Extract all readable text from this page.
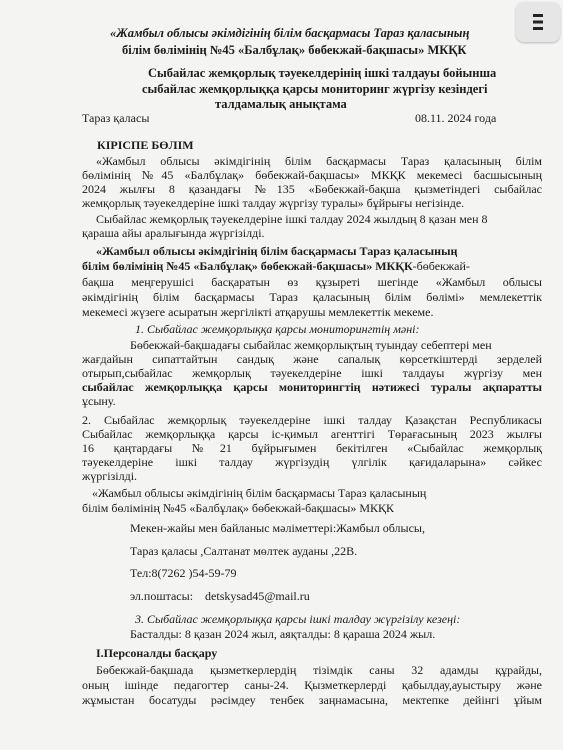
«Жамбыл облысы әкімдігінің білім басқармасы Тараз қаласының
білім бөлімінің №45 «Балбұлақ» бөбекжай-бақшасы» МКҚК
Сыбайлас жемқорлық тәуекелдерінің ішкі талдауы бойынша
сыбайлас жемқорлыққа қарсы мониторинг жүргізу кезіндегі
талдамалық анықтама
Тараз қаласы	08.11. 2024 года
КІРІСПЕ БӨЛІМ
«Жамбыл облысы әкімдігінің білім басқармасы Тараз қаласының білім
бөлімінің №45 «Балбұлақ» бөбекжай-бақшасы» МКҚК мекемесі басшысының
2024 жылғы 8 қазандағы №135 «Бөбекжай-бақша қызметіндегі сыбайлас
жемқорлық тәуекелдеріне ішкі талдау жүргізу туралы» бұйрығы негізінде.
Сыбайлас жемқорлық тәуекелдеріне ішкі талдау 2024 жылдың 8 қазан мен 8
қараша айы аралығында жүргізілді.
«Жамбыл облысы әкімдігінің білім басқармасы Тараз қаласының
білім бөлімінің №45 «Балбұлақ» бөбекжай-бақшасы» МКҚК-бөбекжай-
бақша меңгерушісі басқаратын өз құзыреті шегінде «Жамбыл облысы
әкімдігінің білім басқармасы Тараз қаласының білім бөлімі» мемлекеттік
мекемесі жүзеге асыратын жергілікті атқарушы мемлекеттік мекеме.
1. Сыбайлас жемқорлыққа қарсы мониторингтің мәні:
Бөбекжай-бақшадағы сыбайлас жемқорлықтың туындау себептері мен
жағдайын сипаттайтын сандық және сапалық көрсеткіштерді зерделей
отырып,сыбайлас жемқорлық тәуекелдеріне ішкі талдауы жүргізу мен
сыбайлас жемқорлыққа қарсы мониторингтің нәтижесі туралы ақпаратты
ұсыну.
2. Сыбайлас жемқорлық тәуекелдеріне ішкі талдау Қазақстан Республикасы
Сыбайлас жемқорлыққа қарсы іс-қимыл агенттігі Төрағасының 2023 жылғы
16 қаңтардағы №21 бұйрығымен бекітілген «Сыбайлас жемқорлық
тәуекелдеріне ішкі талдау жүргізудің үлгілік қағидаларына» сәйкес
жүргізілді.
«Жамбыл облысы әкімдігінің білім басқармасы Тараз қаласының
білім бөлімінің №45 «Балбұлақ» бөбекжай-бақшасы» МКҚК
Мекен-жайы мен байланыс мәліметтері:Жамбыл облысы,
Тараз қаласы ,Салтанат мөлтек ауданы ,22В.
Тел:8(7262 )54-59-79
эл.поштасы: detskysad45@mail.ru
3. Сыбайлас жемқорлыққа қарсы ішкі талдау жүргізілу кезеңі:
Басталды: 8 қазан 2024 жыл, аяқталды: 8 қараша 2024 жыл.
І.Персоналды басқару
Бөбекжай-бақшада қызметкерлердің тізімдік саны 32 адамды құрайды,
оның ішінде педагогтер саны-24. Қызметкерлерді қабылдау,ауыстыру және
жұмыстан босатуды рәсімдеу тенбек заңнамасына, мектепке дейінгі ұйым
